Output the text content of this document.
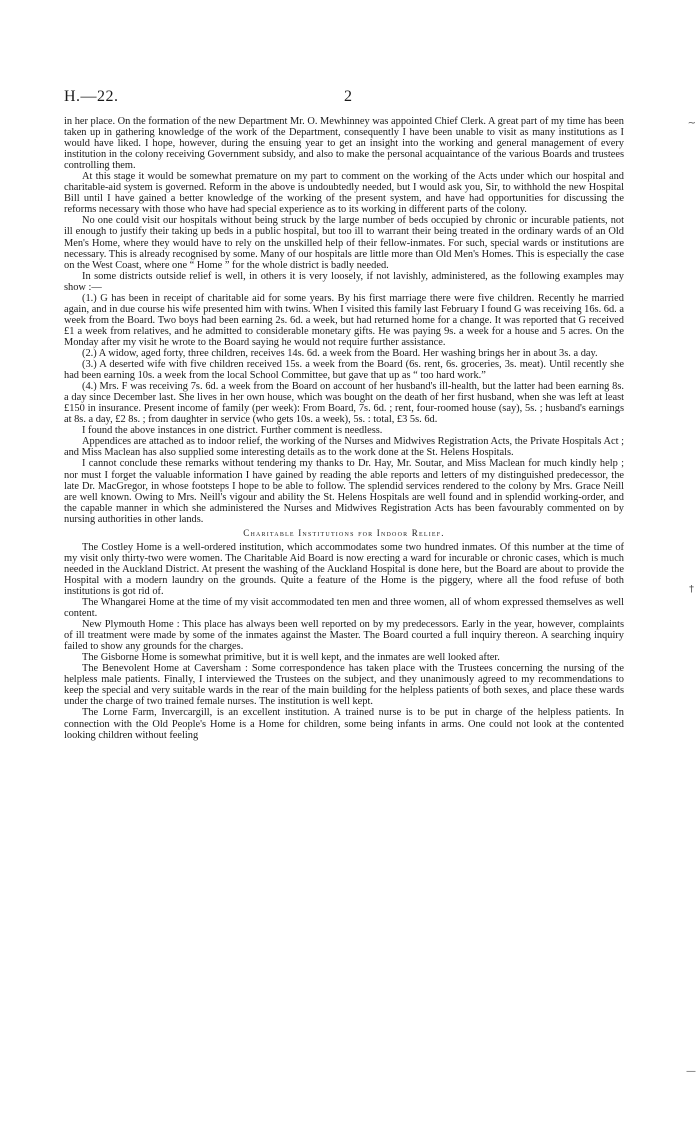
H.—22.	2

in her place. On the formation of the new Department Mr. O. Mewhinney was appointed Chief Clerk. A great part of my time has been taken up in gathering knowledge of the work of the Department, consequently I have been unable to visit as many institutions as I would have liked. I hope, however, during the ensuing year to get an insight into the working and general management of every institution in the colony receiving Government subsidy, and also to make the personal acquaintance of the various Boards and trustees controlling them.

At this stage it would be somewhat premature on my part to comment on the working of the Acts under which our hospital and charitable-aid system is governed. Reform in the above is undoubtedly needed, but I would ask you, Sir, to withhold the new Hospital Bill until I have gained a better knowledge of the working of the present system, and have had opportunities for discussing the reforms necessary with those who have had special experience as to its working in different parts of the colony.

No one could visit our hospitals without being struck by the large number of beds occupied by chronic or incurable patients, not ill enough to justify their taking up beds in a public hospital, but too ill to warrant their being treated in the ordinary wards of an Old Men's Home, where they would have to rely on the unskilled help of their fellow-inmates. For such, special wards or institutions are necessary. This is already recognised by some. Many of our hospitals are little more than Old Men's Homes. This is especially the case on the West Coast, where one “ Home ” for the whole district is badly needed.

In some districts outside relief is well, in others it is very loosely, if not lavishly, administered, as the following examples may show :—

(1.) G has been in receipt of charitable aid for some years. By his first marriage there were five children. Recently he married again, and in due course his wife presented him with twins. When I visited this family last February I found G was receiving 16s. 6d. a week from the Board. Two boys had been earning 2s. 6d. a week, but had returned home for a change. It was reported that G received £1 a week from relatives, and he admitted to considerable monetary gifts. He was paying 9s. a week for a house and 5 acres. On the Monday after my visit he wrote to the Board saying he would not require further assistance.

(2.) A widow, aged forty, three children, receives 14s. 6d. a week from the Board. Her washing brings her in about 3s. a day.

(3.) A deserted wife with five children received 15s. a week from the Board (6s. rent, 6s. groceries, 3s. meat). Until recently she had been earning 10s. a week from the local School Committee, but gave that up as “ too hard work.”

(4.) Mrs. F was receiving 7s. 6d. a week from the Board on account of her husband's ill-health, but the latter had been earning 8s. a day since December last. She lives in her own house, which was bought on the death of her first husband, when she was left at least £150 in insurance. Present income of family (per week): From Board, 7s. 6d. ; rent, four-roomed house (say), 5s. ; husband's earnings at 8s. a day, £2 8s. ; from daughter in service (who gets 10s. a week), 5s. : total, £3 5s. 6d.

I found the above instances in one district. Further comment is needless.

Appendices are attached as to indoor relief, the working of the Nurses and Midwives Registration Acts, the Private Hospitals Act ; and Miss Maclean has also supplied some interesting details as to the work done at the St. Helens Hospitals.

I cannot conclude these remarks without tendering my thanks to Dr. Hay, Mr. Soutar, and Miss Maclean for much kindly help ; nor must I forget the valuable information I have gained by reading the able reports and letters of my distinguished predecessor, the late Dr. MacGregor, in whose footsteps I hope to be able to follow. The splendid services rendered to the colony by Mrs. Grace Neill are well known. Owing to Mrs. Neill's vigour and ability the St. Helens Hospitals are well found and in splendid working-order, and the capable manner in which she administered the Nurses and Midwives Registration Acts has been favourably commented on by nursing authorities in other lands.

Charitable Institutions for Indoor Relief.

The Costley Home is a well-ordered institution, which accommodates some two hundred inmates. Of this number at the time of my visit only thirty-two were women. The Charitable Aid Board is now erecting a ward for incurable or chronic cases, which is much needed in the Auckland District. At present the washing of the Auckland Hospital is done here, but the Board are about to provide the Hospital with a modern laundry on the grounds. Quite a feature of the Home is the piggery, where all the food refuse of both institutions is got rid of.

The Whangarei Home at the time of my visit accommodated ten men and three women, all of whom expressed themselves as well content.

New Plymouth Home : This place has always been well reported on by my predecessors. Early in the year, however, complaints of ill treatment were made by some of the inmates against the Master. The Board courted a full inquiry thereon. A searching inquiry failed to show any grounds for the charges.

The Gisborne Home is somewhat primitive, but it is well kept, and the inmates are well looked after.

The Benevolent Home at Caversham : Some correspondence has taken place with the Trustees concerning the nursing of the helpless male patients. Finally, I interviewed the Trustees on the subject, and they unanimously agreed to my recommendations to keep the special and very suitable wards in the rear of the main building for the helpless patients of both sexes, and place these wards under the charge of two trained female nurses. The institution is well kept.

The Lorne Farm, Invercargill, is an excellent institution. A trained nurse is to be put in charge of the helpless patients. In connection with the Old People's Home is a Home for children, some being infants in arms. One could not look at the contented looking children without feeling

~
†
—
